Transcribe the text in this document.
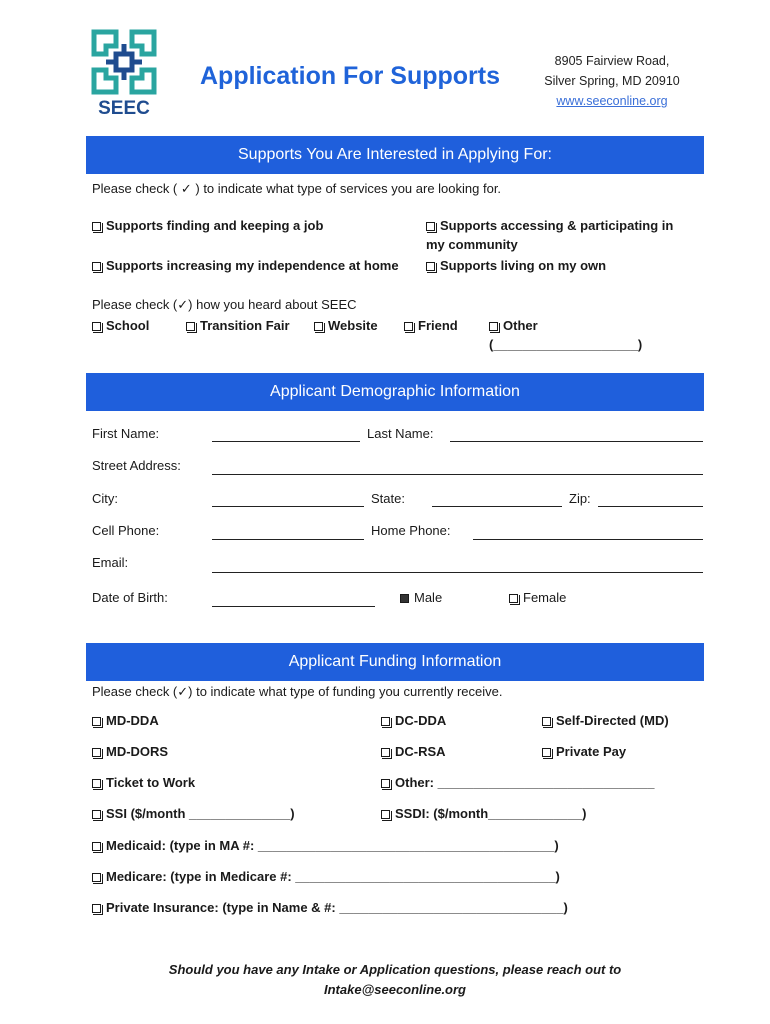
SEEC
Application For Supports
8905 Fairview Road,
Silver Spring, MD 20910
www.seeconline.org
Supports You Are Interested in Applying For:
Please check ( ✓ ) to indicate what type of services you are looking for.
Supports finding and keeping a job	Supports accessing & participating in
my community
Supports increasing my independence at home	Supports living on my own
Please check (✓) how you heard about SEEC
School	Transition Fair	Website	Friend	Other
(____________________)
Applicant Demographic Information
First Name:	Last Name:
Street Address:
City:	State:	Zip:
Cell Phone:	Home Phone:
Email:
Date of Birth:	Male	Female
Applicant Funding Information
Please check (✓) to indicate what type of funding you currently receive.
MD-DDA	DC-DDA	Self-Directed (MD)
MD-DORS	DC-RSA	Private Pay
Ticket to Work	Other: ______________________________
SSI ($/month ______________)	SSDI: ($/month_____________)
Medicaid: (type in MA #: _________________________________________)
Medicare: (type in Medicare #: ____________________________________)
Private Insurance: (type in Name & #: _______________________________)
Should you have any Intake or Application questions, please reach out to
Intake@seeconline.org
